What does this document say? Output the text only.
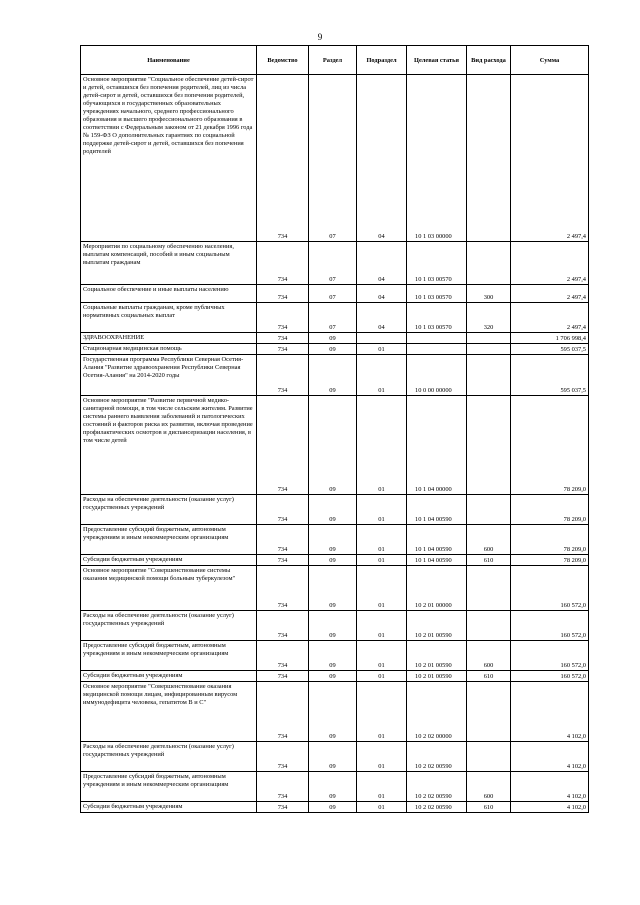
9
Наименование	Ведомство	Раздел	Подраздел	Целевая статья	Вид расхода	Сумма

Основное мероприятие "Социальное обеспечение детей-сирот и детей, оставшихся без попечения родителей, лиц из числа детей-сирот и детей, оставшихся без попечения родителей, обучающихся в государственных образовательных учреждениях начального, среднего профессионального образования и высшего профессионального образования в соответствии с Федеральным законом от 21 декабря 1996 года № 159-ФЗ О дополнительных гарантиях по социальной поддержке детей-сирот и детей, оставшихся без попечения родителей	734	07	04	10 1 03 00000		2 497,4

Мероприятия по социальному обеспечению населения, выплатам компенсаций, пособий и иным социальным выплатам гражданам	734	07	04	10 1 03 00570		2 497,4

Социальное обеспечение и иные выплаты населению	734	07	04	10 1 03 00570	300	2 497,4

Социальные выплаты гражданам, кроме публичных нормативных социальных выплат	734	07	04	10 1 03 00570	320	2 497,4

ЗДРАВООХРАНЕНИЕ	734	09				1 706 998,4

Стационарная медицинская помощь	734	09	01			595 037,5

Государственная программа Республики Северная Осетия-Алания "Развитие здравоохранения Республики Северная Осетия-Алания" на 2014-2020 годы	734	09	01	10 0 00 00000		595 037,5

Основное мероприятие "Развитие первичной медико-санитарной помощи, в том числе сельским жителям. Развитие системы раннего выявления заболеваний и патологических состояний и факторов риска их развития, включая проведение профилактических осмотров и диспансеризации населения, в том числе детей	734	09	01	10 1 04 00000		78 209,0

Расходы на обеспечение деятельности (оказание услуг) государственных учреждений	734	09	01	10 1 04 00590		78 209,0

Предоставление субсидий бюджетным, автономным учреждениям и иным некоммерческим организациям	734	09	01	10 1 04 00590	600	78 209,0

Субсидии бюджетным учреждениям	734	09	01	10 1 04 00590	610	78 209,0

Основное мероприятие "Совершенствование системы оказания медицинской помощи больным туберкулезом"	734	09	01	10 2 01 00000		160 572,0

Расходы на обеспечение деятельности (оказание услуг) государственных учреждений	734	09	01	10 2 01 00590		160 572,0

Предоставление субсидий бюджетным, автономным учреждениям и иным некоммерческим организациям	734	09	01	10 2 01 00590	600	160 572,0

Субсидии бюджетным учреждениям	734	09	01	10 2 01 00590	610	160 572,0

Основное мероприятие "Совершенствование оказания медицинской помощи лицам, инфицированным вирусом иммунодефицита человека, гепатитом В и С"	734	09	01	10 2 02 00000		4 102,0

Расходы на обеспечение деятельности (оказание услуг) государственных учреждений	734	09	01	10 2 02 00590		4 102,0

Предоставление субсидий бюджетным, автономным учреждениям и иным некоммерческим организациям	734	09	01	10 2 02 00590	600	4 102,0

Субсидии бюджетным учреждениям	734	09	01	10 2 02 00590	610	4 102,0
